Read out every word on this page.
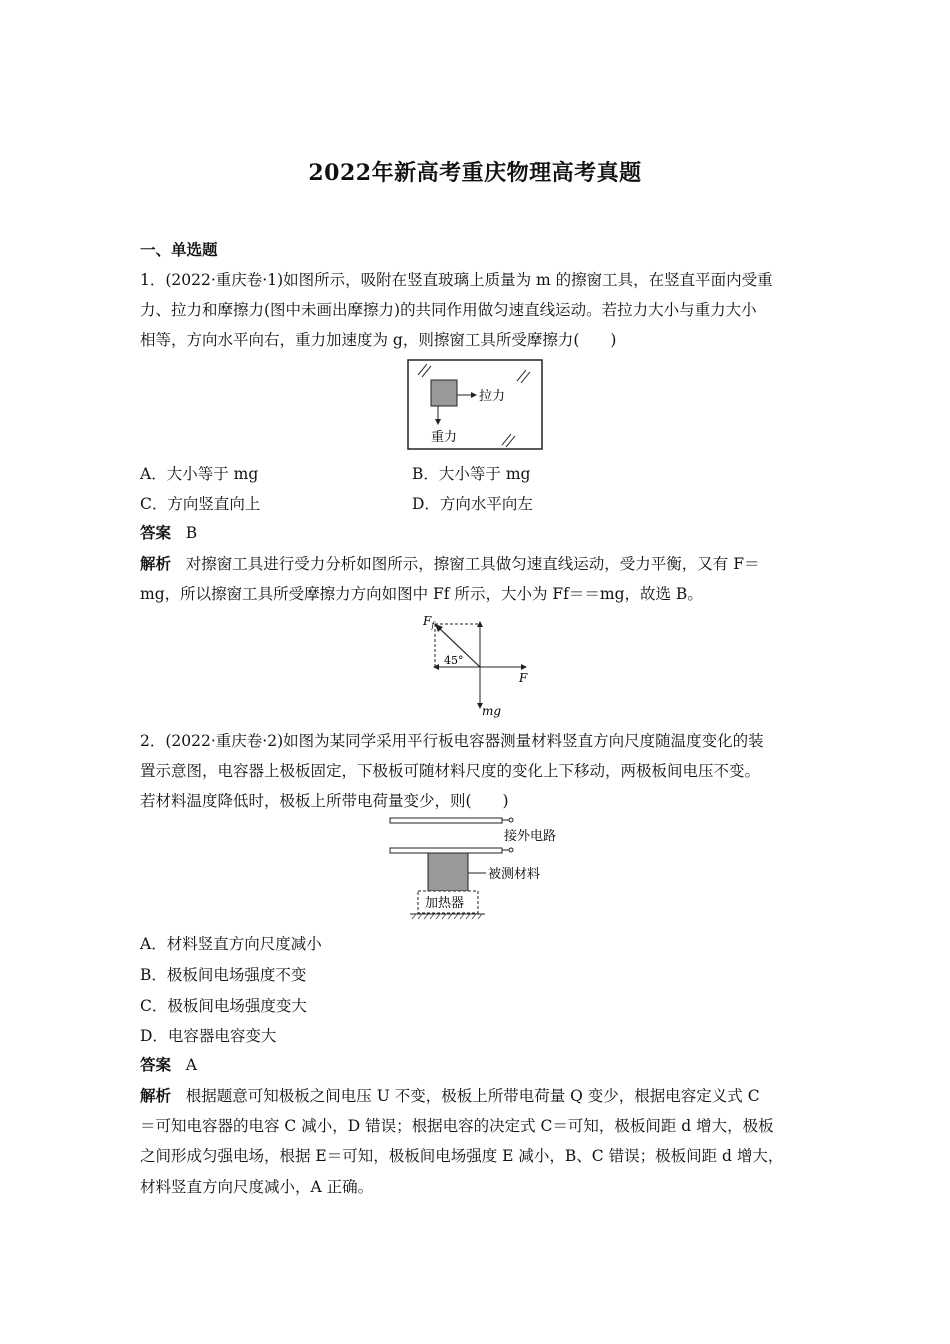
2022年新高考重庆物理高考真题
一、单选题
1．(2022·重庆卷·1)如图所示，吸附在竖直玻璃上质量为 m 的擦窗工具，在竖直平面内受重
力、拉力和摩擦力(图中未画出摩擦力)的共同作用做匀速直线运动。若拉力大小与重力大小
相等，方向水平向右，重力加速度为 g，则擦窗工具所受摩擦力(　　)
拉力
重力
A．大小等于 mg	B．大小等于 mg
C．方向竖直向上	D．方向水平向左
答案 B
解析 对擦窗工具进行受力分析如图所示，擦窗工具做匀速直线运动，受力平衡，又有 F＝
mg，所以擦窗工具所受摩擦力方向如图中 Ff 所示，大小为 Ff＝＝mg，故选 B。
$F_f$
45°
F
mg
2．(2022·重庆卷·2)如图为某同学采用平行板电容器测量材料竖直方向尺度随温度变化的装
置示意图，电容器上极板固定，下极板可随材料尺度的变化上下移动，两极板间电压不变。
若材料温度降低时，极板上所带电荷量变少，则(　　)
接外电路
被测材料
加热器
A．材料竖直方向尺度减小
B．极板间电场强度不变
C．极板间电场强度变大
D．电容器电容变大
答案 A
解析 根据题意可知极板之间电压 U 不变，极板上所带电荷量 Q 变少，根据电容定义式 C
＝可知电容器的电容 C 减小，D 错误；根据电容的决定式 C＝可知，极板间距 d 增大，极板
之间形成匀强电场，根据 E＝可知，极板间电场强度 E 减小，B、C 错误；极板间距 d 增大，
材料竖直方向尺度减小，A 正确。
